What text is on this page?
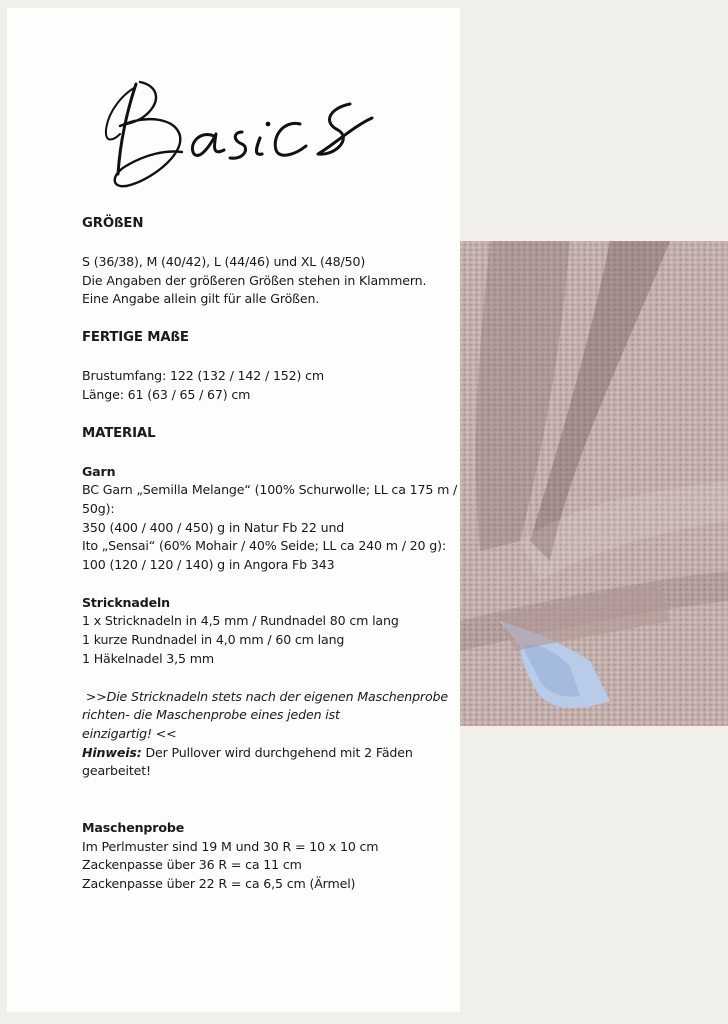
GRÖßEN

S (36/38), M (40/42), L (44/46) und XL (48/50)

Die Angaben der größeren Größen stehen in Klammern.

Eine Angabe allein gilt für alle Größen.

FERTIGE MAßE

Brustumfang: 122 (132 / 142 / 152) cm

Länge: 61 (63 / 65 / 67) cm

MATERIAL

Garn

BC Garn „Semilla Melange“ (100% Schurwolle; LL ca 175 m /

50g):

350 (400 / 400 / 450) g in Natur Fb 22 und

Ito „Sensai“ (60% Mohair / 40% Seide; LL ca 240 m / 20 g):

100 (120 / 120 / 140) g in Angora Fb 343

Stricknadeln

1 x Stricknadeln in 4,5 mm / Rundnadel 80 cm lang

1 kurze Rundnadel in 4,0 mm / 60 cm lang

1 Häkelnadel 3,5 mm

>>Die Stricknadeln stets nach der eigenen Maschenprobe

richten- die Maschenprobe eines jeden ist

einzigartig! <<

Hinweis: Der Pullover wird durchgehend mit 2 Fäden

gearbeitet!

Maschenprobe

Im Perlmuster sind 19 M und 30 R = 10 x 10 cm

Zackenpasse über 36 R = ca 11 cm

Zackenpasse über 22 R = ca 6,5 cm (Ärmel)
